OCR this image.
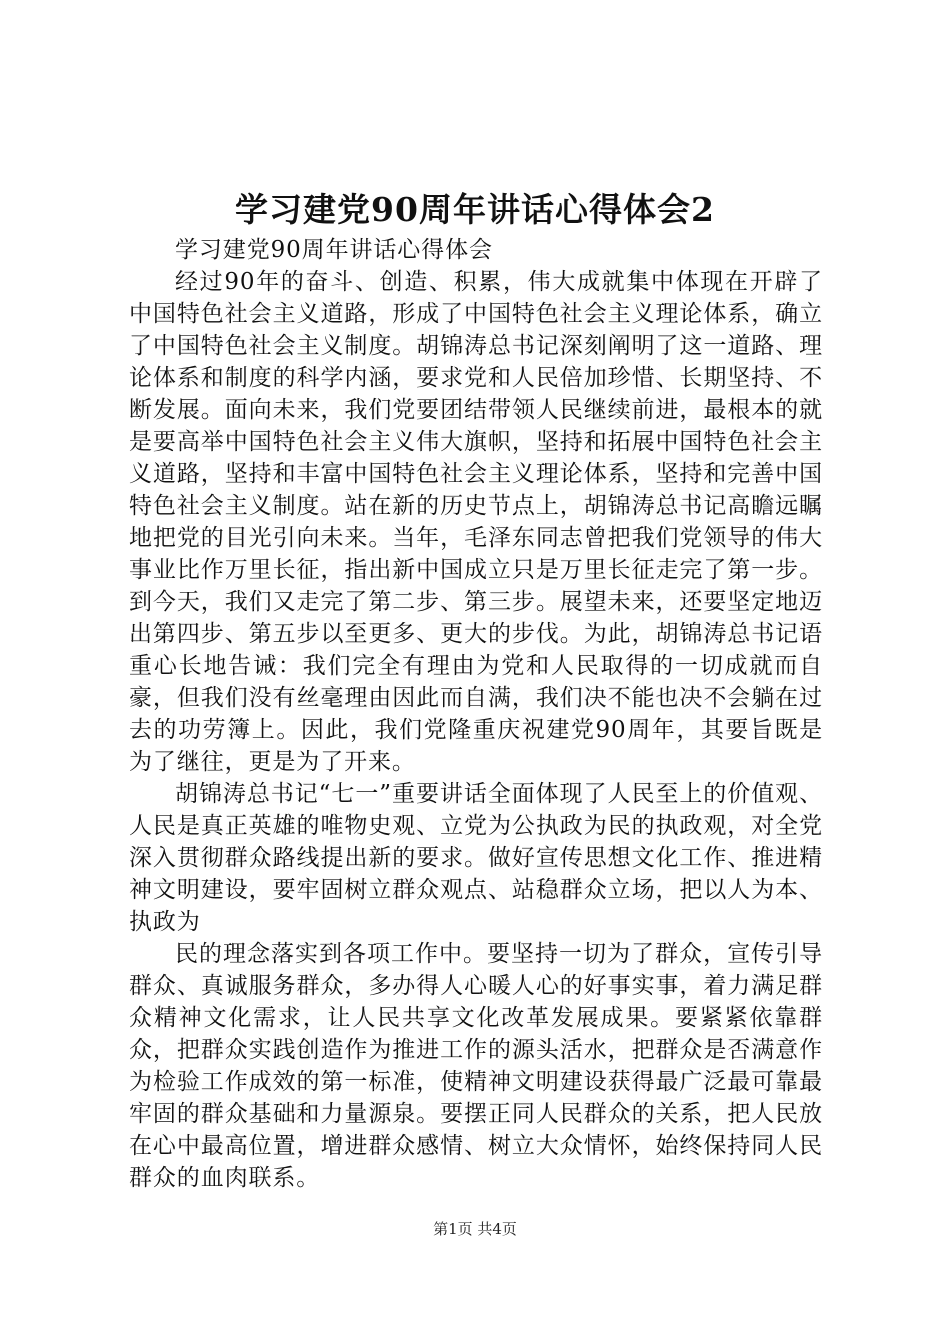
学习建党90周年讲话心得体会2

学习建党90周年讲话心得体会

经过90年的奋斗、创造、积累，伟大成就集中体现在开辟了中国特色社会主义道路，形成了中国特色社会主义理论体系，确立了中国特色社会主义制度。胡锦涛总书记深刻阐明了这一道路、理论体系和制度的科学内涵，要求党和人民倍加珍惜、长期坚持、不断发展。面向未来，我们党要团结带领人民继续前进，最根本的就是要高举中国特色社会主义伟大旗帜，坚持和拓展中国特色社会主义道路，坚持和丰富中国特色社会主义理论体系，坚持和完善中国特色社会主义制度。站在新的历史节点上，胡锦涛总书记高瞻远瞩地把党的目光引向未来。当年，毛泽东同志曾把我们党领导的伟大事业比作万里长征，指出新中国成立只是万里长征走完了第一步。到今天，我们又走完了第二步、第三步。展望未来，还要坚定地迈出第四步、第五步以至更多、更大的步伐。为此，胡锦涛总书记语重心长地告诫：我们完全有理由为党和人民取得的一切成就而自豪，但我们没有丝毫理由因此而自满，我们决不能也决不会躺在过去的功劳簿上。因此，我们党隆重庆祝建党90周年，其要旨既是为了继往，更是为了开来。

胡锦涛总书记“七一”重要讲话全面体现了人民至上的价值观、人民是真正英雄的唯物史观、立党为公执政为民的执政观，对全党深入贯彻群众路线提出新的要求。做好宣传思想文化工作、推进精神文明建设，要牢固树立群众观点、站稳群众立场，把以人为本、执政为

民的理念落实到各项工作中。要坚持一切为了群众，宣传引导群众、真诚服务群众，多办得人心暖人心的好事实事，着力满足群众精神文化需求，让人民共享文化改革发展成果。要紧紧依靠群众，把群众实践创造作为推进工作的源头活水，把群众是否满意作为检验工作成效的第一标准，使精神文明建设获得最广泛最可靠最牢固的群众基础和力量源泉。要摆正同人民群众的关系，把人民放在心中最高位置，增进群众感情、树立大众情怀，始终保持同人民群众的血肉联系。

第1页 共4页
